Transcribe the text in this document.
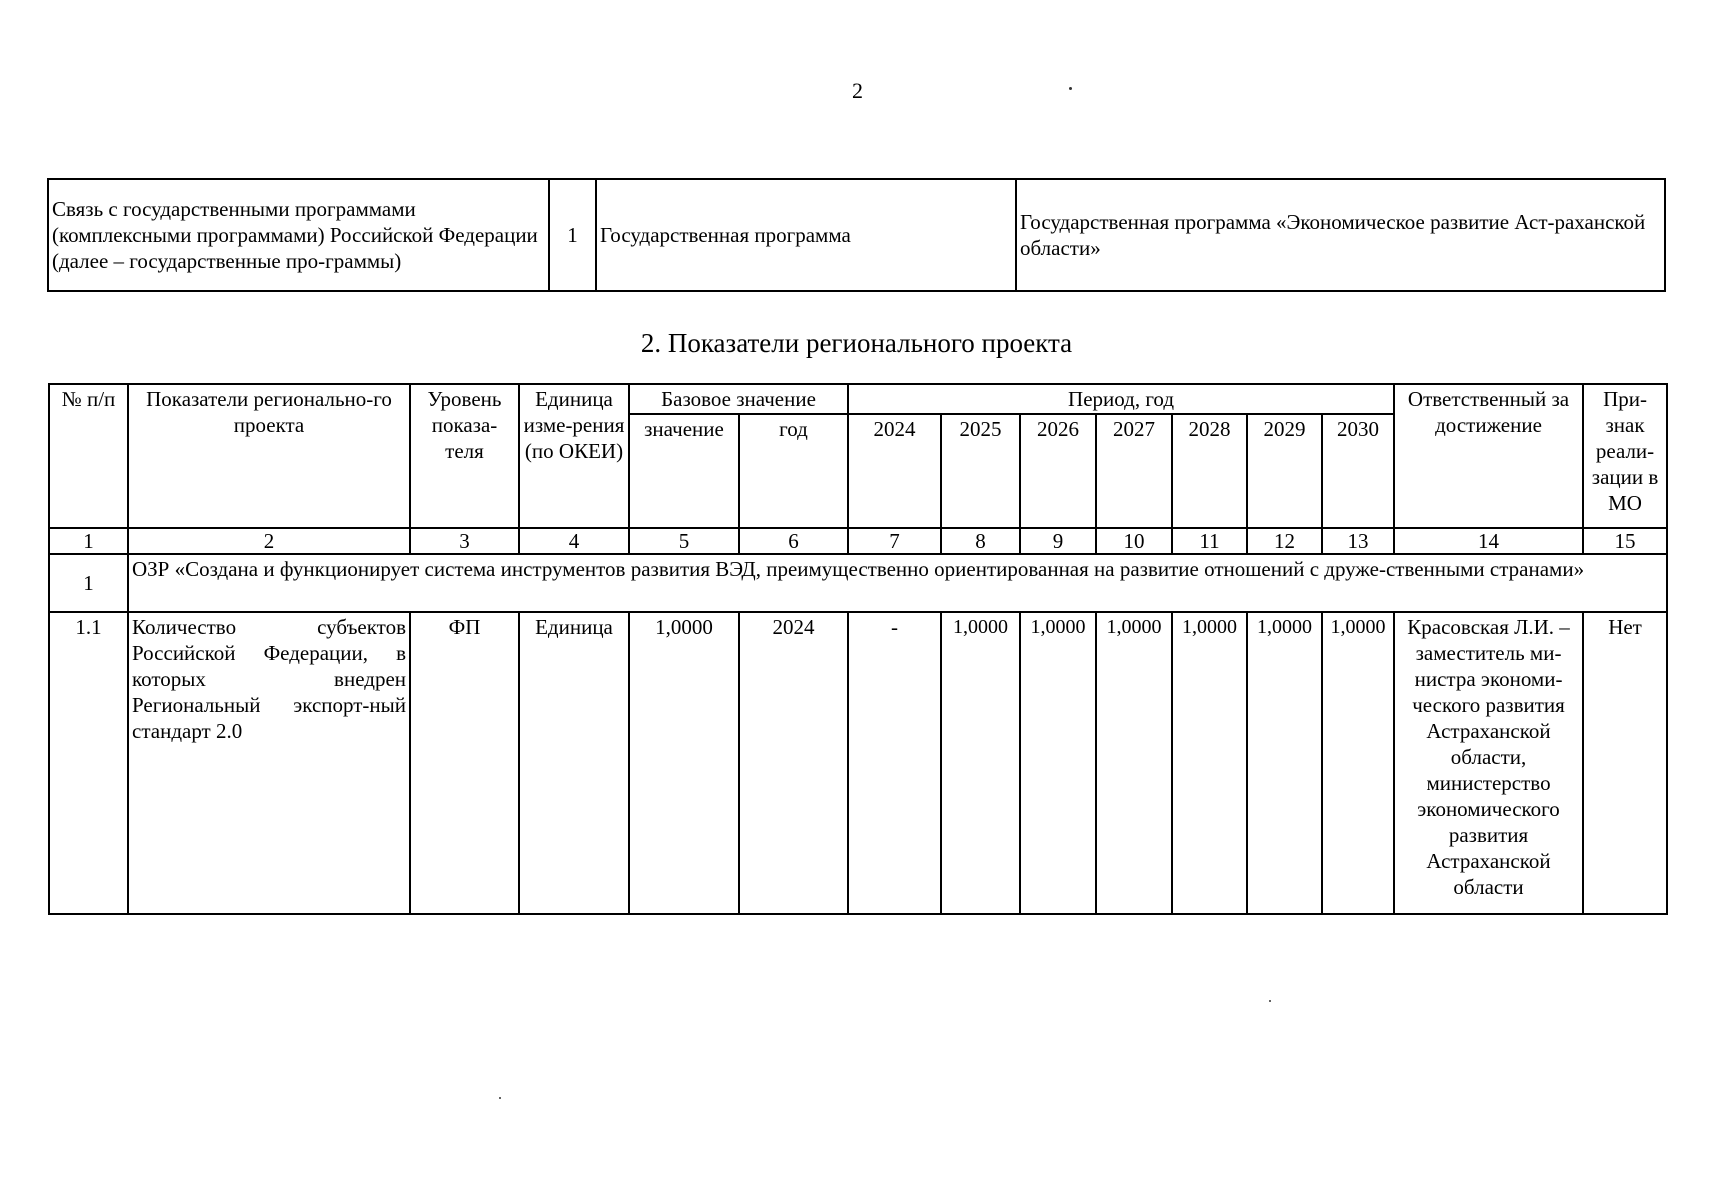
2
Связь с государственными программами (комплексными программами) Российской Федерации (далее – государственные про-граммы)	1	Государственная программа	Государственная программа «Экономическое развитие Аст-раханской области»
2. Показатели регионального проекта
№ п/п	Показатели регионально-го проекта	Уровень показа-теля	Единица изме-рения (по ОКЕИ)	Базовое значение		Период, год							Ответственный за достижение	При-знак реали-зации в МО
				значение	год	2024	2025	2026	2027	2028	2029	2030		
1	2	3	4	5	6	7	8	9	10	11	12	13	14	15
1	ОЗР «Создана и функционирует система инструментов развития ВЭД, преимущественно ориентированная на развитие отношений с друже-ственными странами»													
1.1	Количество субъектов Российской Федерации, в которых внедрен Региональный экспорт-ный стандарт 2.0	ФП	Единица	1,0000	2024	-	1,0000	1,0000	1,0000	1,0000	1,0000	1,0000	Красовская Л.И. – заместитель ми-нистра экономи-ческого развития Астраханской области, министерство экономического развития Астраханской области	Нет
